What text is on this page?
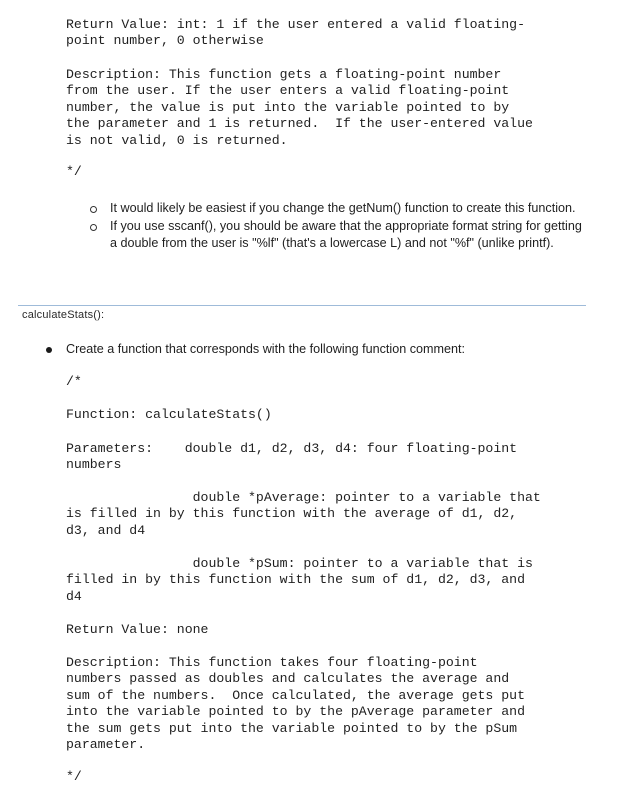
Return Value: int: 1 if the user entered a valid floating-
point number, 0 otherwise

Description: This function gets a floating-point number
from the user. If the user enters a valid floating-point
number, the value is put into the variable pointed to by
the parameter and 1 is returned.  If the user-entered value
is not valid, 0 is returned.

*/

It would likely be easiest if you change the getNum() function to create this function.
If you use sscanf(), you should be aware that the appropriate format string for getting a double from the user is "%lf" (that's a lowercase L) and not "%f" (unlike printf).
calculateStats():

Create a function that corresponds with the following function comment:

/*

Function: calculateStats()

Parameters:    double d1, d2, d3, d4: four floating-point
numbers

double *pAverage: pointer to a variable that
is filled in by this function with the average of d1, d2,
d3, and d4

double *pSum: pointer to a variable that is
filled in by this function with the sum of d1, d2, d3, and
d4

Return Value: none

Description: This function takes four floating-point
numbers passed as doubles and calculates the average and
sum of the numbers.  Once calculated, the average gets put
into the variable pointed to by the pAverage parameter and
the sum gets put into the variable pointed to by the pSum
parameter.

*/
